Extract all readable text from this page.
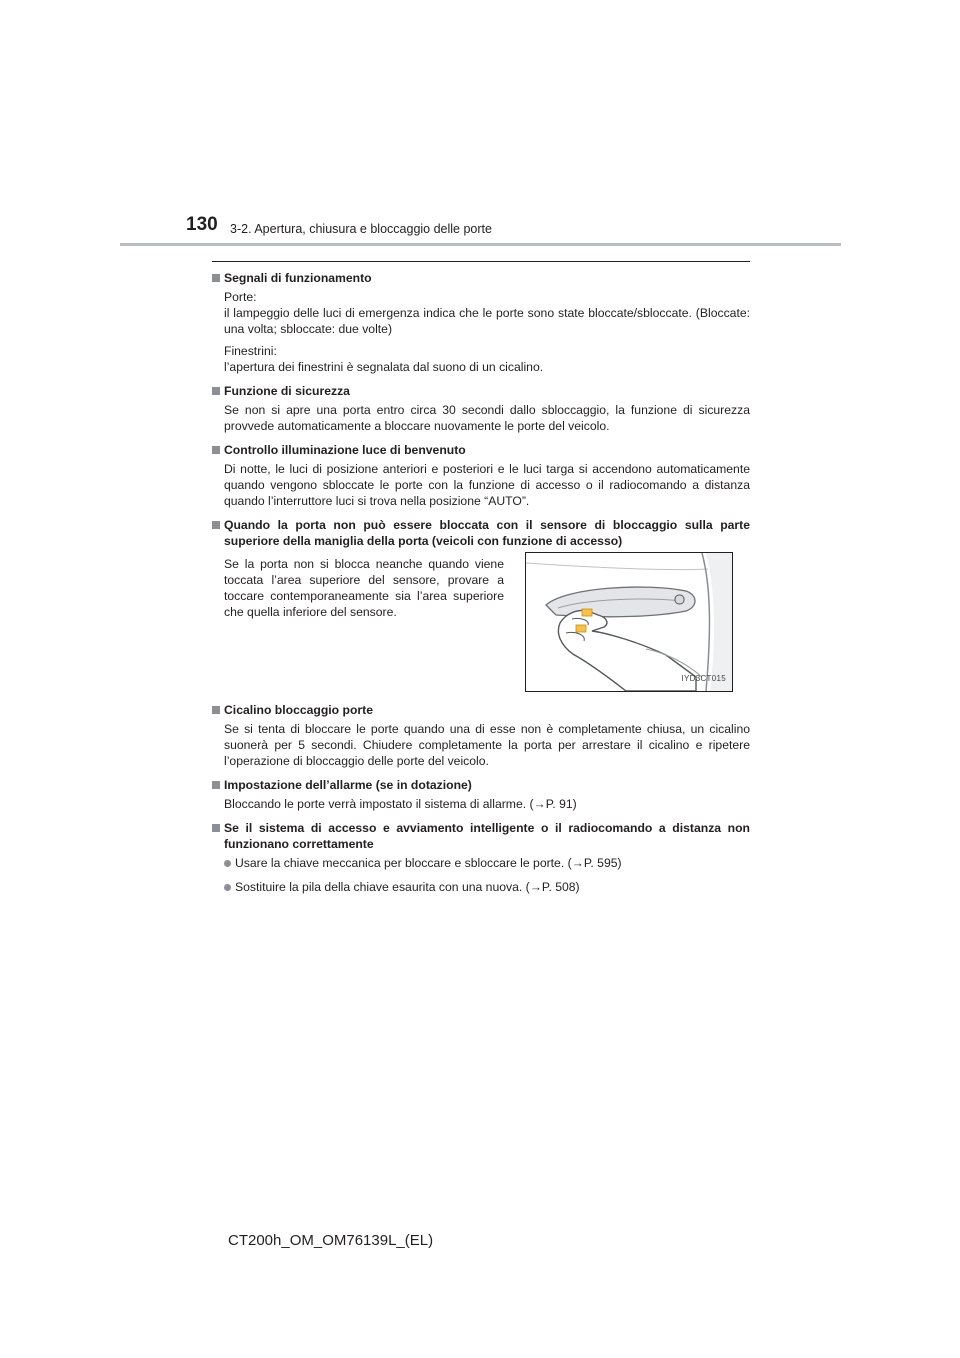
130 3-2. Apertura, chiusura e bloccaggio delle porte
Segnali di funzionamento

Porte:
il lampeggio delle luci di emergenza indica che le porte sono state bloccate/sbloccate. (Bloccate: una volta; sbloccate: due volte)

Finestrini:
l’apertura dei finestrini è segnalata dal suono di un cicalino.

Funzione di sicurezza

Se non si apre una porta entro circa 30 secondi dallo sbloccaggio, la funzione di sicurezza provvede automaticamente a bloccare nuovamente le porte del veicolo.

Controllo illuminazione luce di benvenuto

Di notte, le luci di posizione anteriori e posteriori e le luci targa si accendono automaticamente quando vengono sbloccate le porte con la funzione di accesso o il radiocomando a distanza quando l’interruttore luci si trova nella posizione “AUTO”.

Quando la porta non può essere bloccata con il sensore di bloccaggio sulla parte superiore della maniglia della porta (veicoli con funzione di accesso)
Se la porta non si blocca neanche quando viene toccata l’area superiore del sensore, provare a toccare contemporaneamente sia l’area superiore che quella inferiore del sensore.
IYD3CT015
Cicalino bloccaggio porte

Se si tenta di bloccare le porte quando una di esse non è completamente chiusa, un cicalino suonerà per 5 secondi. Chiudere completamente la porta per arrestare il cicalino e ripetere l’operazione di bloccaggio delle porte del veicolo.

Impostazione dell’allarme (se in dotazione)

Bloccando le porte verrà impostato il sistema di allarme. (→P. 91)

Se il sistema di accesso e avviamento intelligente o il radiocomando a distanza non funzionano correttamente
Usare la chiave meccanica per bloccare e sbloccare le porte. (→P. 595)
Sostituire la pila della chiave esaurita con una nuova. (→P. 508)
CT200h_OM_OM76139L_(EL)
